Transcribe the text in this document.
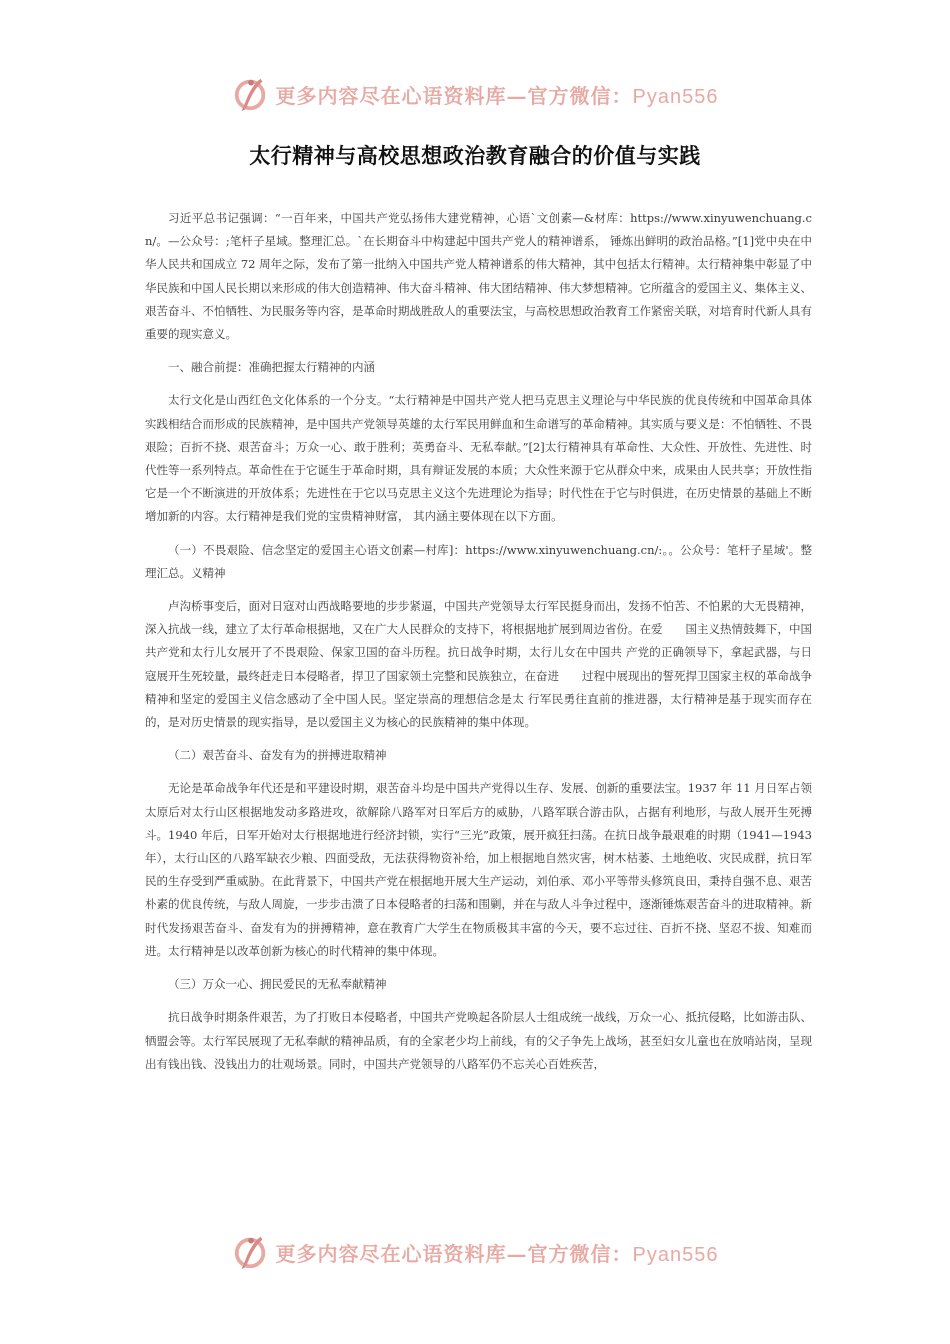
更多内容尽在心语资料库—官方微信：Pyan556
太行精神与高校思想政治教育融合的价值与实践

习近平总书记强调：“一百年来，中国共产党弘扬伟大建党精神，心语`文创素—&材库：https://www.xinyuwenchuang.cn/。—公众号：;笔杆子星域。整理汇总。`在长期奋斗中构建起中国共产党人的精神谱系， 锤炼出鲜明的政治品格。”[1]党中央在中华人民共和国成立 72 周年之际，发布了第一批纳入中国共产党人精神谱系的伟大精神，其中包括太行精神。太行精神集中彰显了中华民族和中国人民长期以来形成的伟大创造精神、伟大奋斗精神、伟大团结精神、伟大梦想精神。它所蕴含的爱国主义、集体主义、艰苦奋斗、不怕牺牲、为民服务等内容，是革命时期战胜敌人的重要法宝，与高校思想政治教育工作紧密关联，对培育时代新人具有重要的现实意义。

一、融合前提：准确把握太行精神的内涵

太行文化是山西红色文化体系的一个分支。“太行精神是中国共产党人把马克思主义理论与中华民族的优良传统和中国革命具体实践相结合而形成的民族精神，是中国共产党领导英雄的太行军民用鲜血和生命谱写的革命精神。其实质与要义是：不怕牺牲、不畏艰险；百折不挠、艰苦奋斗；万众一心、敢于胜利；英勇奋斗、无私奉献。”[2]太行精神具有革命性、大众性、开放性、先进性、时代性等一系列特点。革命性在于它诞生于革命时期，具有辩证发展的本质；大众性来源于它从群众中来，成果由人民共享；开放性指它是一个不断演进的开放体系；先进性在于它以马克思主义这个先进理论为指导；时代性在于它与时俱进，在历史情景的基础上不断增加新的内容。太行精神是我们党的宝贵精神财富， 其内涵主要体现在以下方面。

（一）不畏艰险、信念坚定的爱国主心语文创素—村库]：https://www.xinyuwenchuang.cn/:。。公众号：笔杆子星域'。整理汇总。义精神

卢沟桥事变后，面对日寇对山西战略要地的步步紧逼，中国共产党领导太行军民挺身而出，发扬不怕苦、不怕累的大无畏精神，深入抗战一线，建立了太行革命根据地，又在广大人民群众的支持下，将根据地扩展到周边省份。在爱　　国主义热情鼓舞下，中国共产党和太行儿女展开了不畏艰险、保家卫国的奋斗历程。抗日战争时期，太行儿女在中国共 产党的正确领导下，拿起武器，与日寇展开生死较量，最终赶走日本侵略者，捍卫了国家领土完整和民族独立，在奋进　　过程中展现出的誓死捍卫国家主权的革命战争精神和坚定的爱国主义信念感动了全中国人民。坚定崇高的理想信念是太 行军民勇往直前的推进器，太行精神是基于现实而存在的，是对历史情景的现实指导，是以爱国主义为核心的民族精神的集中体现。

（二）艰苦奋斗、奋发有为的拼搏进取精神

无论是革命战争年代还是和平建设时期，艰苦奋斗均是中国共产党得以生存、发展、创新的重要法宝。1937 年 11 月日军占领太原后对太行山区根据地发动多路进攻，欲解除八路军对日军后方的威胁，八路军联合游击队，占据有利地形，与敌人展开生死搏斗。1940 年后，日军开始对太行根据地进行经济封锁，实行“三光”政策，展开疯狂扫荡。在抗日战争最艰难的时期（1941—1943 年），太行山区的八路军缺衣少粮、四面受敌，无法获得物资补给，加上根据地自然灾害，树木枯萎、土地绝收、灾民成群，抗日军民的生存受到严重威胁。在此背景下，中国共产党在根据地开展大生产运动，刘伯承、邓小平等带头修筑良田，秉持自强不息、艰苦朴素的优良传统，与敌人周旋，一步步击溃了日本侵略者的扫荡和围剿，并在与敌人斗争过程中，逐渐锤炼艰苦奋斗的进取精神。新时代发扬艰苦奋斗、奋发有为的拼搏精神，意在教育广大学生在物质极其丰富的今天，要不忘过往、百折不挠、坚忍不拔、知难而进。太行精神是以改革创新为核心的时代精神的集中体现。

（三）万众一心、拥民爱民的无私奉献精神

抗日战争时期条件艰苦，为了打败日本侵略者，中国共产党唤起各阶层人士组成统一战线，万众一心、抵抗侵略，比如游击队、牺盟会等。太行军民展现了无私奉献的精神品质，有的全家老少均上前线，有的父子争先上战场，甚至妇女儿童也在放哨站岗，呈现出有钱出钱、没钱出力的壮观场景。同时，中国共产党领导的八路军仍不忘关心百姓疾苦，

更多内容尽在心语资料库—官方微信：Pyan556
